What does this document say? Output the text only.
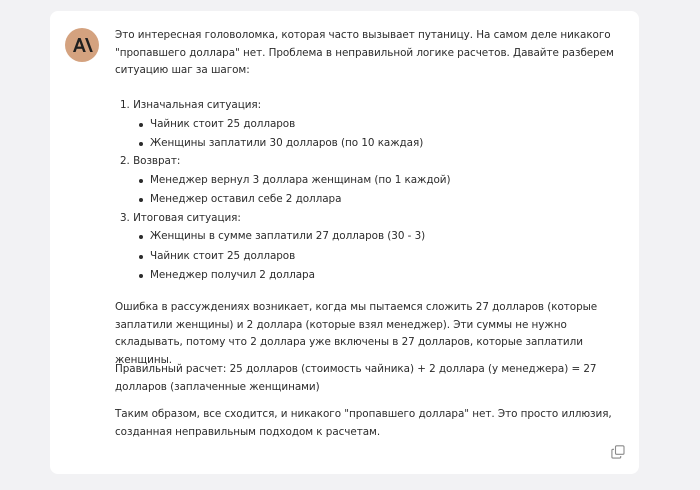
Это интересная головоломка, которая часто вызывает путаницу. На самом деле никакого "пропавшего доллара" нет. Проблема в неправильной логике расчетов. Давайте разберем ситуацию шаг за шагом:

1. Изначальная ситуация:
Чайник стоит 25 долларов
Женщины заплатили 30 долларов (по 10 каждая)
2. Возврат:
Менеджер вернул 3 доллара женщинам (по 1 каждой)
Менеджер оставил себе 2 доллара
3. Итоговая ситуация:
Женщины в сумме заплатили 27 долларов (30 - 3)
Чайник стоит 25 долларов
Менеджер получил 2 доллара

Ошибка в рассуждениях возникает, когда мы пытаемся сложить 27 долларов (которые заплатили женщины) и 2 доллара (которые взял менеджер). Эти суммы не нужно складывать, потому что 2 доллара уже включены в 27 долларов, которые заплатили женщины.

Правильный расчет: 25 долларов (стоимость чайника) + 2 доллара (у менеджера) = 27 долларов (заплаченные женщинами)

Таким образом, все сходится, и никакого "пропавшего доллара" нет. Это просто иллюзия, созданная неправильным подходом к расчетам.
